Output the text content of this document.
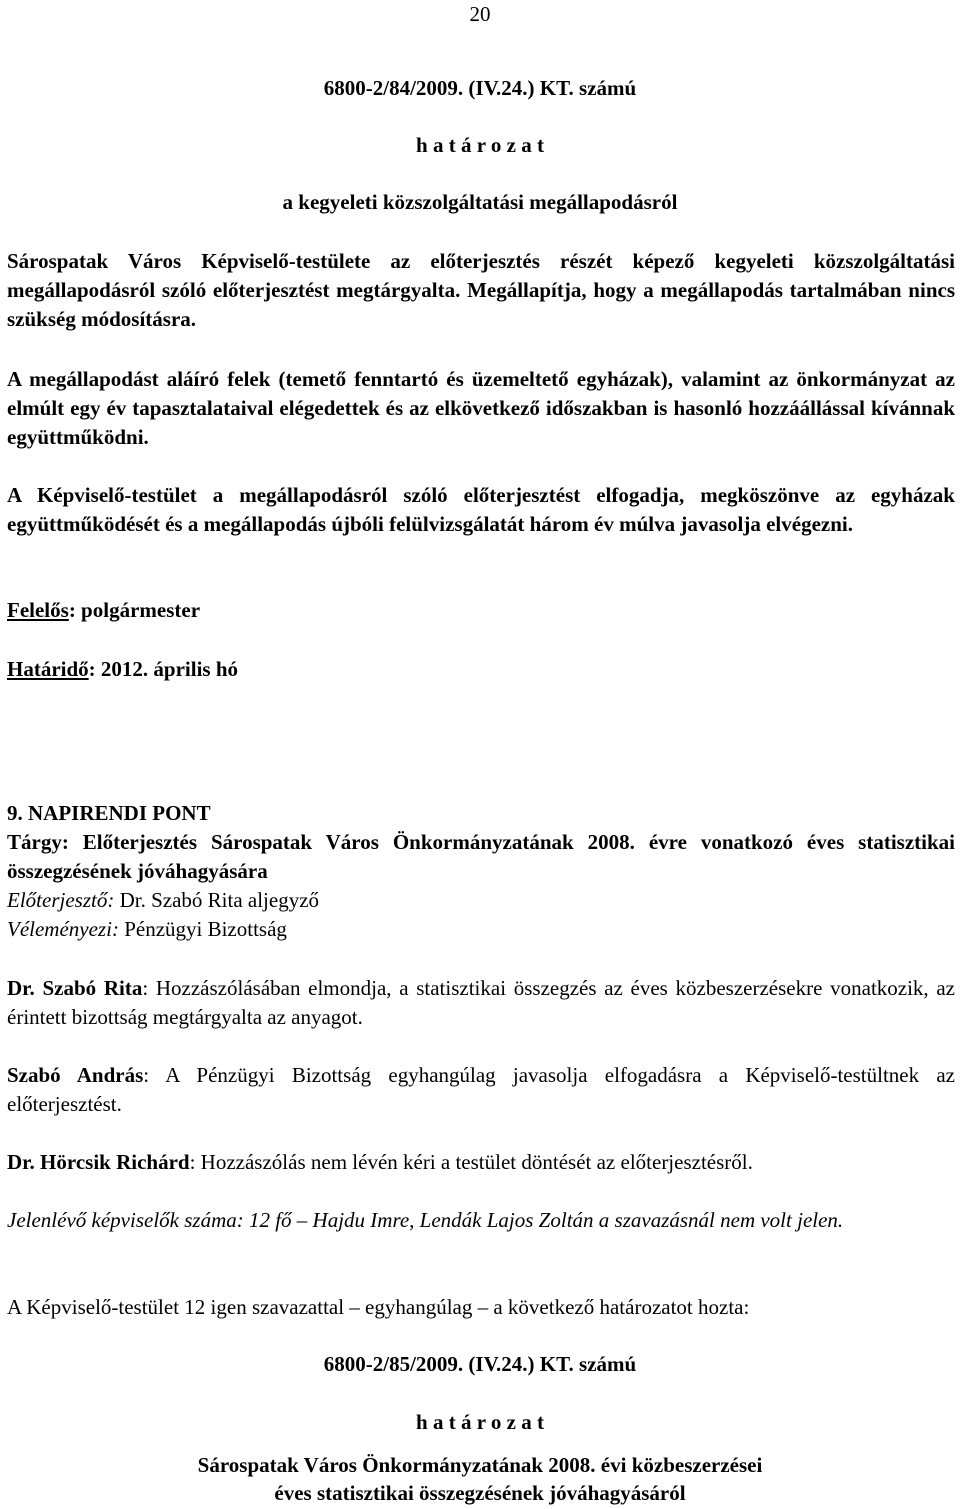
20
6800-2/84/2009. (IV.24.) KT. számú
h a t á r o z a t
a kegyeleti közszolgáltatási megállapodásról
Sárospatak Város Képviselő-testülete az előterjesztés részét képező kegyeleti közszolgáltatási megállapodásról szóló előterjesztést megtárgyalta. Megállapítja, hogy a megállapodás tartalmában nincs szükség módosításra.
A megállapodást aláíró felek (temető fenntartó és üzemeltető egyházak), valamint az önkormányzat az elmúlt egy év tapasztalataival elégedettek és az elkövetkező időszakban is hasonló hozzáállással kívánnak együttműködni.
A Képviselő-testület a megállapodásról szóló előterjesztést elfogadja, megköszönve az egyházak együttműködését és a megállapodás újbóli felülvizsgálatát három év múlva javasolja elvégezni.
Felelős: polgármester
Határidő: 2012. április hó
9. NAPIRENDI PONT
Tárgy: Előterjesztés Sárospatak Város Önkormányzatának 2008. évre vonatkozó éves statisztikai összegzésének jóváhagyására
Előterjesztő: Dr. Szabó Rita aljegyző
Véleményezi: Pénzügyi Bizottság
Dr. Szabó Rita: Hozzászólásában elmondja, a statisztikai összegzés az éves közbeszerzésekre vonatkozik, az érintett bizottság megtárgyalta az anyagot.
Szabó András: A Pénzügyi Bizottság egyhangúlag javasolja elfogadásra a Képviselő-testültnek az előterjesztést.
Dr. Hörcsik Richárd: Hozzászólás nem lévén kéri a testület döntését az előterjesztésről.
Jelenlévő képviselők száma: 12 fő – Hajdu Imre, Lendák Lajos Zoltán a szavazásnál nem volt jelen.
A Képviselő-testület 12 igen szavazattal – egyhangúlag – a következő határozatot hozta:
6800-2/85/2009. (IV.24.) KT. számú
h a t á r o z a t
Sárospatak Város Önkormányzatának 2008. évi közbeszerzései
éves statisztikai összegzésének jóváhagyásáról
